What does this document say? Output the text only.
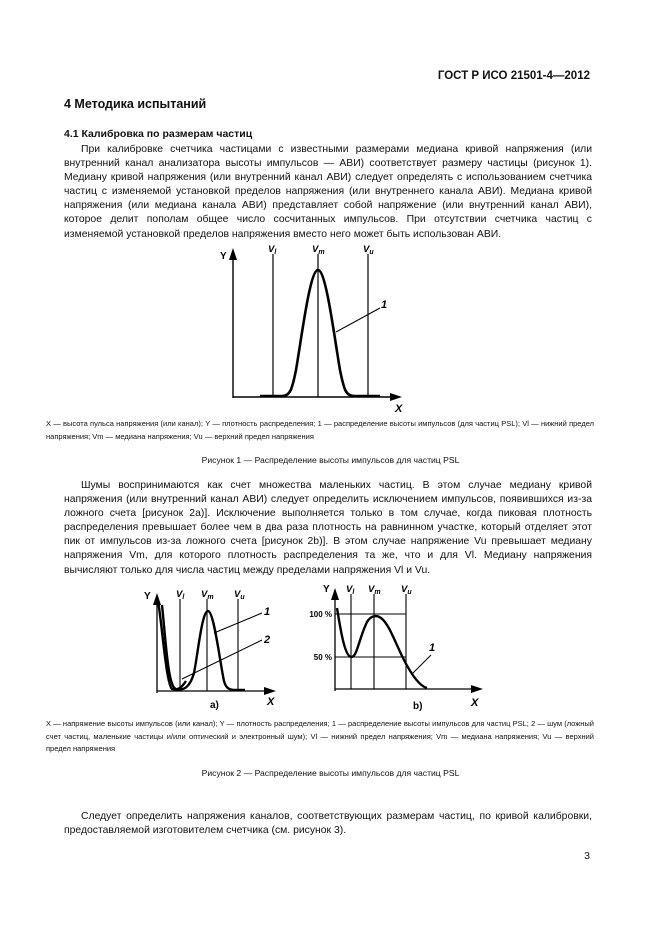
ГОСТ Р ИСО 21501-4—2012
4 Методика испытаний
4.1 Калибровка по размерам частиц

При калибровке счетчика частицами с известными размерами медиана кривой напряжения (или внутренний канал анализатора высоты импульсов — АВИ) соответствует размеру частицы (рисунок 1). Медиану кривой напряжения (или внутренний канал АВИ) следует определять с использованием счетчика частиц с изменяемой установкой пределов напряжения (или внутреннего канала АВИ). Медиана кривой напряжения (или медиана канала АВИ) представляет собой напряжение (или внутренний канал АВИ), которое делит пополам общее число сосчитанных импульсов. При отсутствии счетчика частиц с изменяемой установкой пределов напряжения вместо него может быть использован АВИ.

Y
X
$V_l$	$V_m$	$V_u$
1
X — высота пульса напряжения (или канал); Y — плотность распределения; 1 — распределение высоты импульсов (для частиц PSL); Vl — нижний предел напряжения; Vm — медиана напряжения; Vu — верхний предел напряжения
Рисунок 1 — Распределение высоты импульсов для частиц PSL

Шумы воспринимаются как счет множества маленьких частиц. В этом случае медиану кривой напряжения (или внутренний канал АВИ) следует определить исключением импульсов, появившихся из-за ложного счета [рисунок 2а)]. Исключение выполняется только в том случае, когда пиковая плотность распределения превышает более чем в два раза плотность на равнинном участке, который отделяет этот пик от импульсов из-за ложного счета [рисунок 2b)]. В этом случае напряжение Vu превышает медиану напряжения Vm, для которого плотность распределения та же, что и для Vl. Медиану напряжения вычисляют только для числа частиц между пределами напряжения Vl и Vu.

Y
X
$V_l$ $V_m$ $V_u$
1
2
a)
Y
X
$V_l$ $V_m$ $V_u$
100 %
50 %
1
b)
X — напряжение высоты импульсов (или канал); Y — плотность распределения; 1 — распределение высоты импульсов для частиц PSL; 2 — шум (ложный счет частиц, маленькие частицы и/или оптический и электронный шум); Vl — нижний предел напряжения; Vm — медиана напряжения; Vu — верхний предел напряжения
Рисунок 2 — Распределение высоты импульсов для частиц PSL

Следует определить напряжения каналов, соответствующих размерам частиц, по кривой калибровки, предоставляемой изготовителем счетчика (см. рисунок 3).

3
